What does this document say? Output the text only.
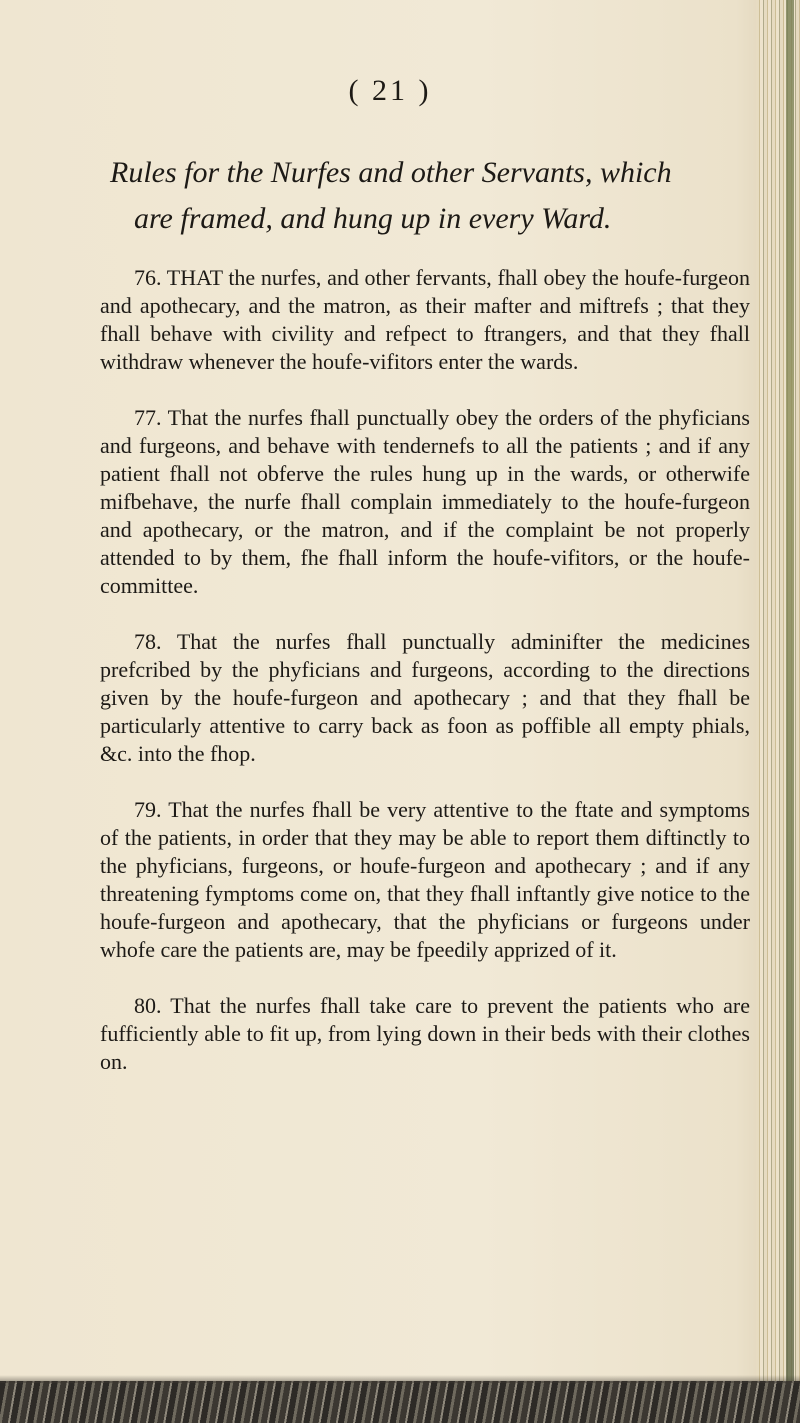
( 21 )
Rules for the Nurfes and other Servants, which
are framed, and hung up in every Ward.

76. THAT the nurfes, and other fervants, fhall obey the houfe-furgeon and apothecary, and the matron, as their mafter and miftrefs ; that they fhall behave with civility and refpect to ftrangers, and that they fhall withdraw whenever the houfe-vifitors enter the wards.

77. That the nurfes fhall punctually obey the orders of the phyficians and furgeons, and behave with tendernefs to all the patients ; and if any patient fhall not obferve the rules hung up in the wards, or otherwife mifbehave, the nurfe fhall complain immediately to the houfe-furgeon and apothecary, or the matron, and if the complaint be not properly attended to by them, fhe fhall inform the houfe-vifitors, or the houfe-committee.

78. That the nurfes fhall punctually adminifter the medicines prefcribed by the phyficians and furgeons, according to the directions given by the houfe-furgeon and apothecary ; and that they fhall be particularly attentive to carry back as foon as poffible all empty phials, &c. into the fhop.

79. That the nurfes fhall be very attentive to the ftate and symptoms of the patients, in order that they may be able to report them diftinctly to the phyficians, furgeons, or houfe-furgeon and apothecary ; and if any threatening fymptoms come on, that they fhall inftantly give notice to the houfe-furgeon and apothecary, that the phyficians or furgeons under whofe care the patients are, may be fpeedily apprized of it.

80. That the nurfes fhall take care to prevent the patients who are fufficiently able to fit up, from lying down in their beds with their clothes on.
